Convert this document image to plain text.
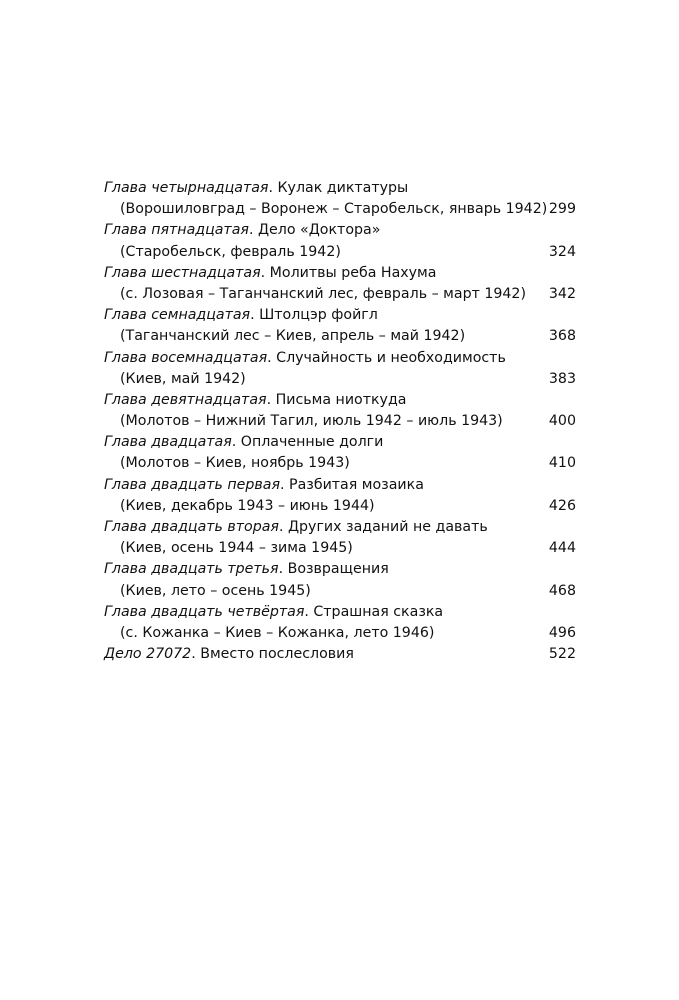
Глава четырнадцатая. Кулак диктатуры
(Ворошиловград – Воронеж – Старобельск, январь 1942) 299
Глава пятнадцатая. Дело «Доктора»
(Старобельск, февраль 1942)	324
Глава шестнадцатая. Молитвы реба Нахума
(с. Лозовая – Таганчанский лес, февраль – март 1942) 342
Глава семнадцатая. Штолцэр фойгл
(Таганчанский лес – Киев, апрель – май 1942)	368
Глава восемнадцатая. Случайность и необходимость
(Киев, май 1942)	383
Глава девятнадцатая. Письма ниоткуда
(Молотов – Нижний Тагил, июль 1942 – июль 1943)	400
Глава двадцатая. Оплаченные долги
(Молотов – Киев, ноябрь 1943)	410
Глава двадцать первая. Разбитая мозаика
(Киев, декабрь 1943 – июнь 1944)	426
Глава двадцать вторая. Других заданий не давать
(Киев, осень 1944 – зима 1945)	444
Глава двадцать третья. Возвращения
(Киев, лето – осень 1945)	468
Глава двадцать четвёртая. Страшная сказка
(с. Кожанка – Киев – Кожанка, лето 1946)	496
Дело 27072. Вместо послесловия	522
